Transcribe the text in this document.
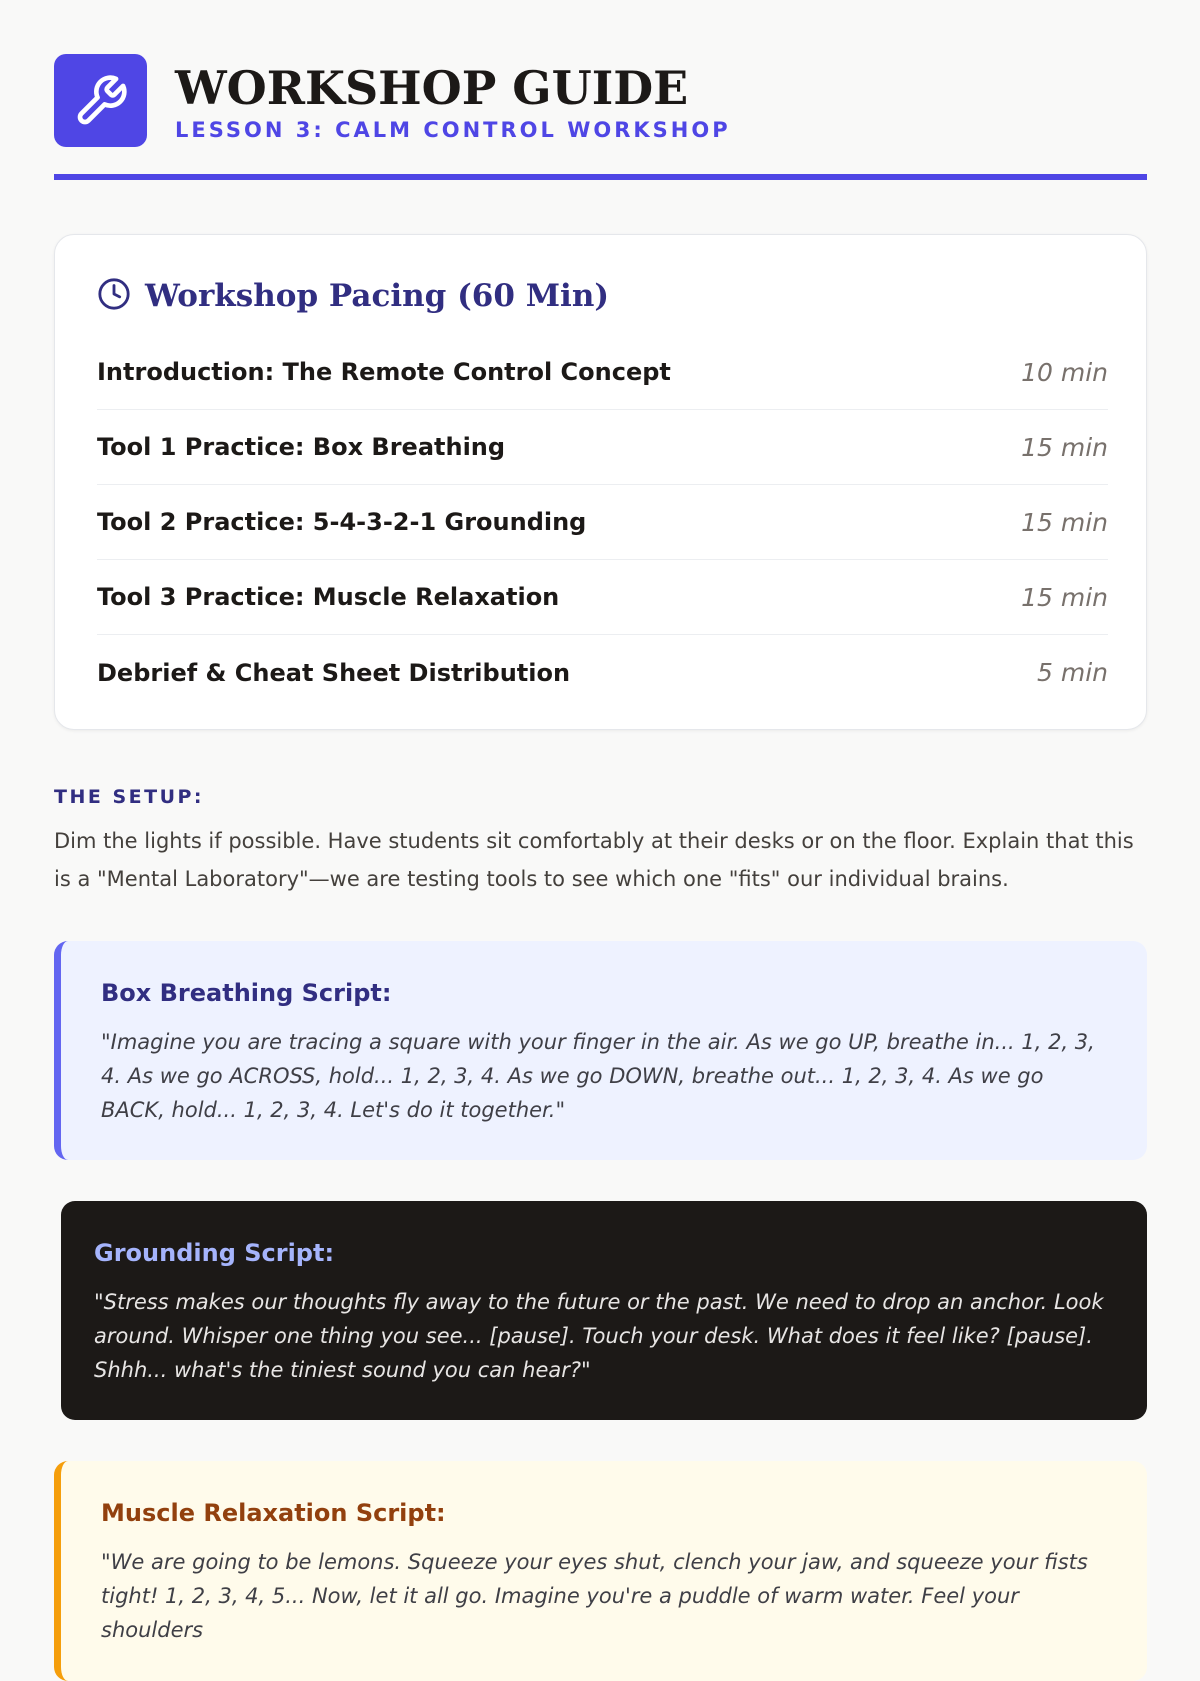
WORKSHOP GUIDE
LESSON 3: CALM CONTROL WORKSHOP
Workshop Pacing (60 Min)
Introduction: The Remote Control Concept	10 min
Tool 1 Practice: Box Breathing	15 min
Tool 2 Practice: 5-4-3-2-1 Grounding	15 min
Tool 3 Practice: Muscle Relaxation	15 min
Debrief & Cheat Sheet Distribution	5 min
THE SETUP:

Dim the lights if possible. Have students sit comfortably at their desks or on the floor. Explain that this is a "Mental Laboratory"—we are testing tools to see which one "fits" our individual brains.

Box Breathing Script:

"Imagine you are tracing a square with your finger in the air. As we go UP, breathe in... 1, 2, 3, 4. As we go ACROSS, hold... 1, 2, 3, 4. As we go DOWN, breathe out... 1, 2, 3, 4. As we go BACK, hold... 1, 2, 3, 4. Let's do it together."

Grounding Script:

"Stress makes our thoughts fly away to the future or the past. We need to drop an anchor. Look around. Whisper one thing you see... [pause]. Touch your desk. What does it feel like? [pause]. Shhh... what's the tiniest sound you can hear?"

Muscle Relaxation Script:

"We are going to be lemons. Squeeze your eyes shut, clench your jaw, and squeeze your fists tight! 1, 2, 3, 4, 5... Now, let it all go. Imagine you're a puddle of warm water. Feel your shoulders
